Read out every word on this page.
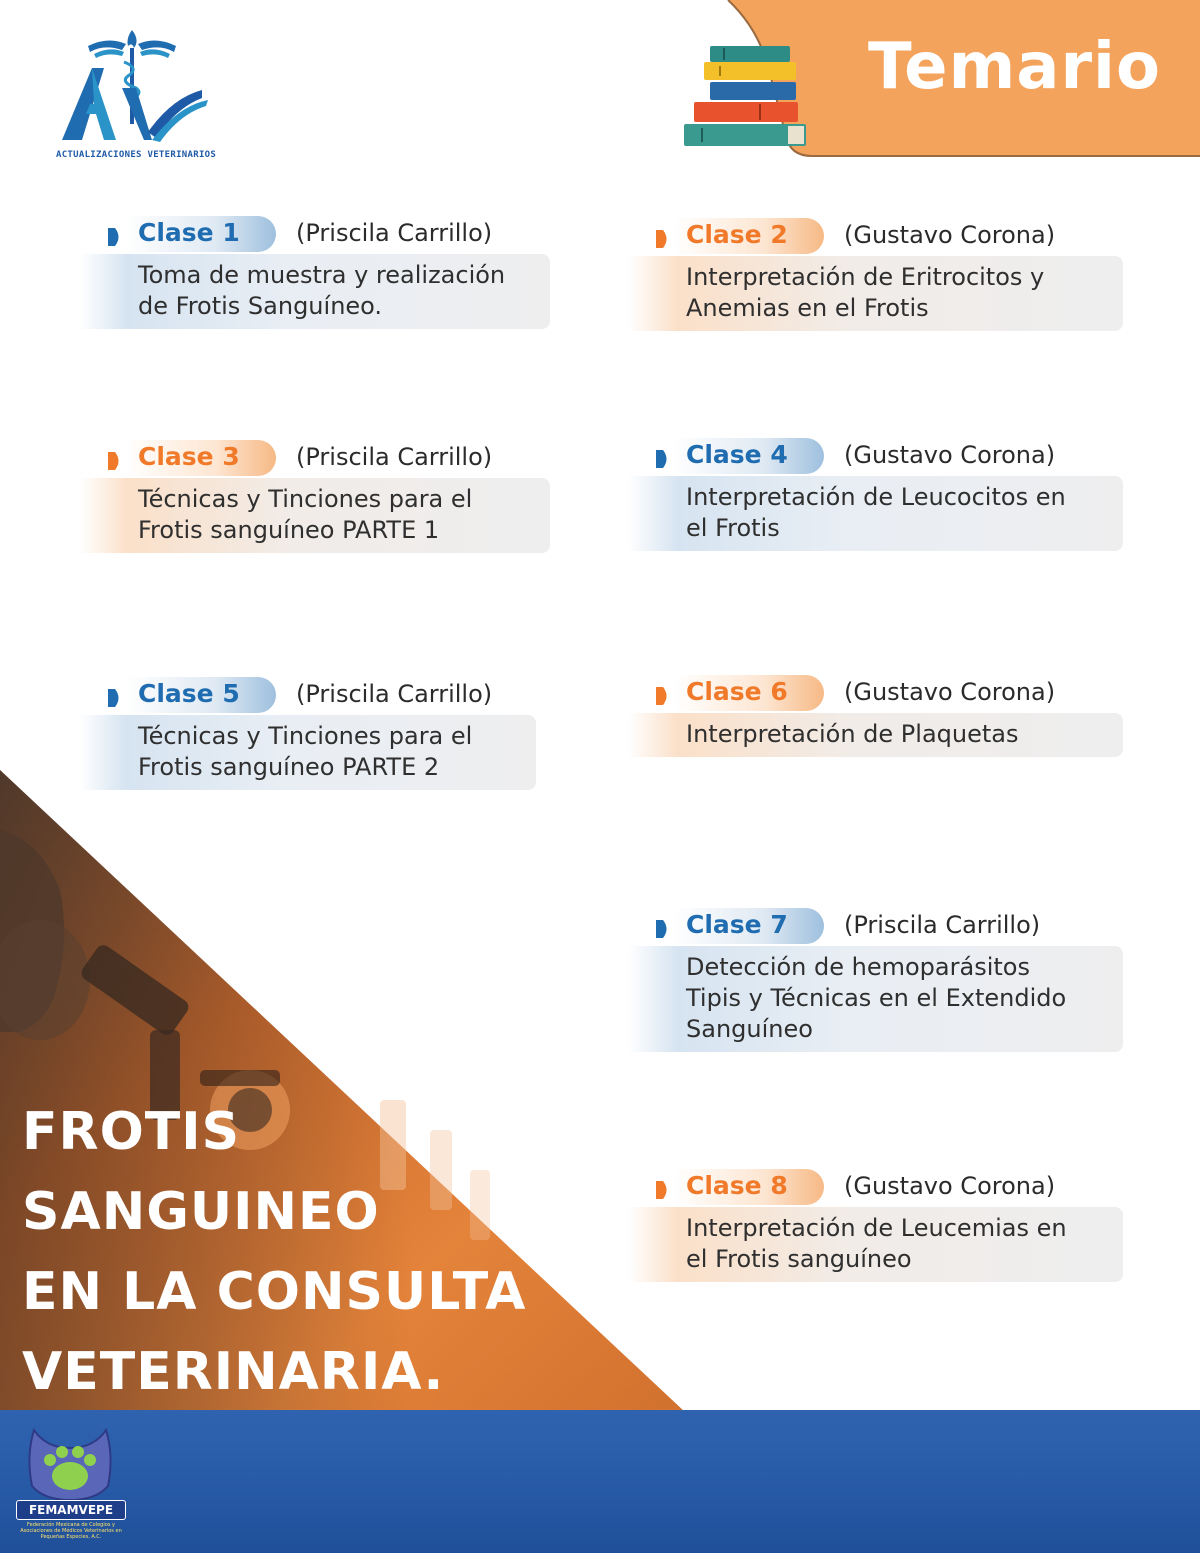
Temario
ACTUALIZACIONES VETERINARIOS
Clase 1 (Priscila Carrillo)
Toma de muestra y realización
de Frotis Sanguíneo.
Clase 2 (Gustavo Corona)
Interpretación de Eritrocitos y
Anemias en el Frotis
Clase 3 (Priscila Carrillo)
Técnicas y Tinciones para el
Frotis sanguíneo PARTE 1
Clase 4 (Gustavo Corona)
Interpretación de Leucocitos en
el Frotis
Clase 5 (Priscila Carrillo)
Técnicas y Tinciones para el
Frotis sanguíneo PARTE 2
Clase 6 (Gustavo Corona)
Interpretación de Plaquetas
Clase 7 (Priscila Carrillo)
Detección de hemoparásitos
Tipis y Técnicas en el Extendido
Sanguíneo
Clase 8 (Gustavo Corona)
Interpretación de Leucemias en
el Frotis sanguíneo
FROTIS
SANGUINEO
EN LA CONSULTA
VETERINARIA.
FEMAMVEPE
Federación Mexicana de Colegios y Asociaciones de Médicos Veterinarios en Pequeñas Especies, A.C.
